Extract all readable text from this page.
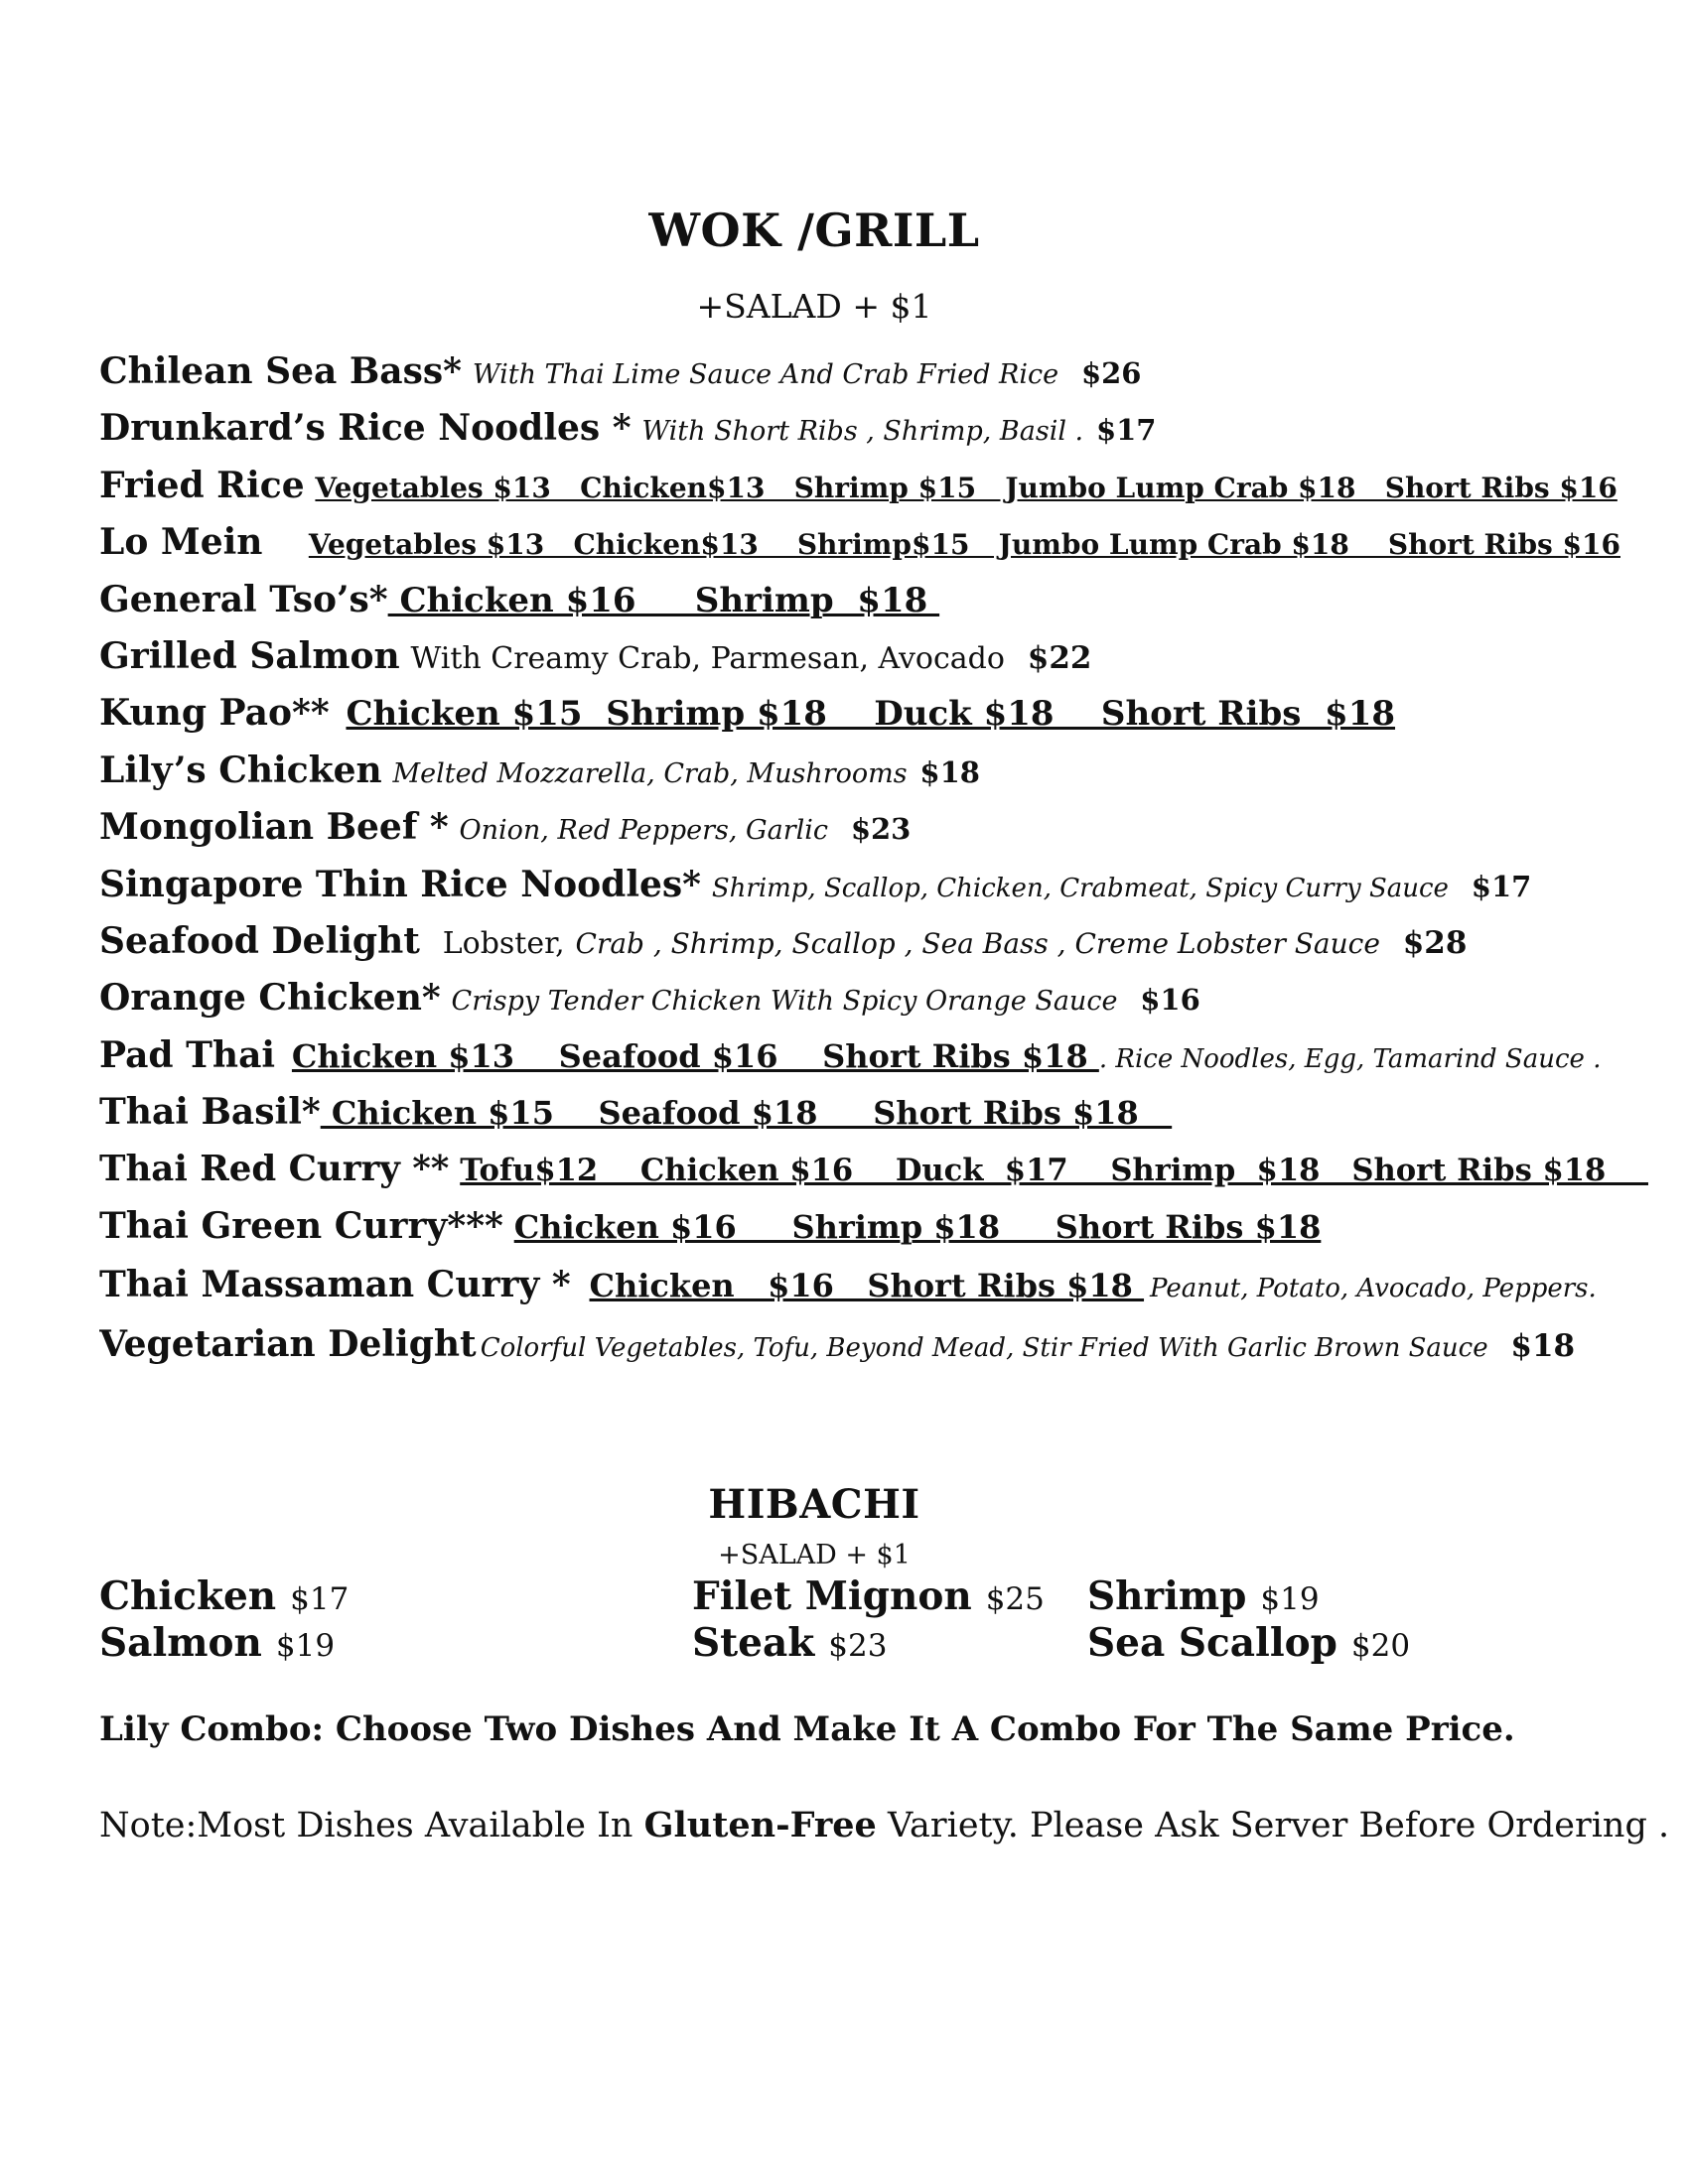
WOK /GRILL
+SALAD + $1
Chilean Sea Bass* With Thai Lime Sauce And Crab Fried Rice $26
Drunkard’s Rice Noodles * With Short Ribs , Shrimp, Basil . $17
Fried Rice Vegetables $13   Chicken$13   Shrimp $15   Jumbo Lump Crab $18   Short Ribs $16
Lo Mein Vegetables $13   Chicken$13    Shrimp$15   Jumbo Lump Crab $18    Short Ribs $16
General Tso’s* Chicken $16     Shrimp  $18
Grilled Salmon With Creamy Crab, Parmesan, Avocado $22
Kung Pao** Chicken $15  Shrimp $18    Duck $18    Short Ribs  $18
Lily’s Chicken Melted Mozzarella, Crab, Mushrooms $18
Mongolian Beef * Onion, Red Peppers, Garlic $23
Singapore Thin Rice Noodles* Shrimp, Scallop, Chicken, Crabmeat, Spicy Curry Sauce $17
Seafood Delight Lobster, Crab , Shrimp, Scallop , Sea Bass , Creme Lobster Sauce $28
Orange Chicken* Crispy Tender Chicken With Spicy Orange Sauce $16
Pad Thai Chicken $13    Seafood $16    Short Ribs $18 . Rice Noodles, Egg, Tamarind Sauce .
Thai Basil* Chicken $15    Seafood $18     Short Ribs $18
Thai Red Curry ** Tofu$12    Chicken $16    Duck  $17    Shrimp  $18   Short Ribs $18
Thai Green Curry*** Chicken $16     Shrimp $18     Short Ribs $18
Thai Massaman Curry * Chicken   $16   Short Ribs $18 Peanut, Potato, Avocado, Peppers.
Vegetarian Delight Colorful Vegetables, Tofu, Beyond Mead, Stir Fried With Garlic Brown Sauce $18
HIBACHI
+SALAD + $1
Chicken $17	Filet Mignon $25 Shrimp $19
Salmon $19	Steak $23	Sea Scallop $20
Lily Combo: Choose Two Dishes And Make It A Combo For The Same Price.
Note:Most Dishes Available In Gluten-Free Variety. Please Ask Server Before Ordering .
